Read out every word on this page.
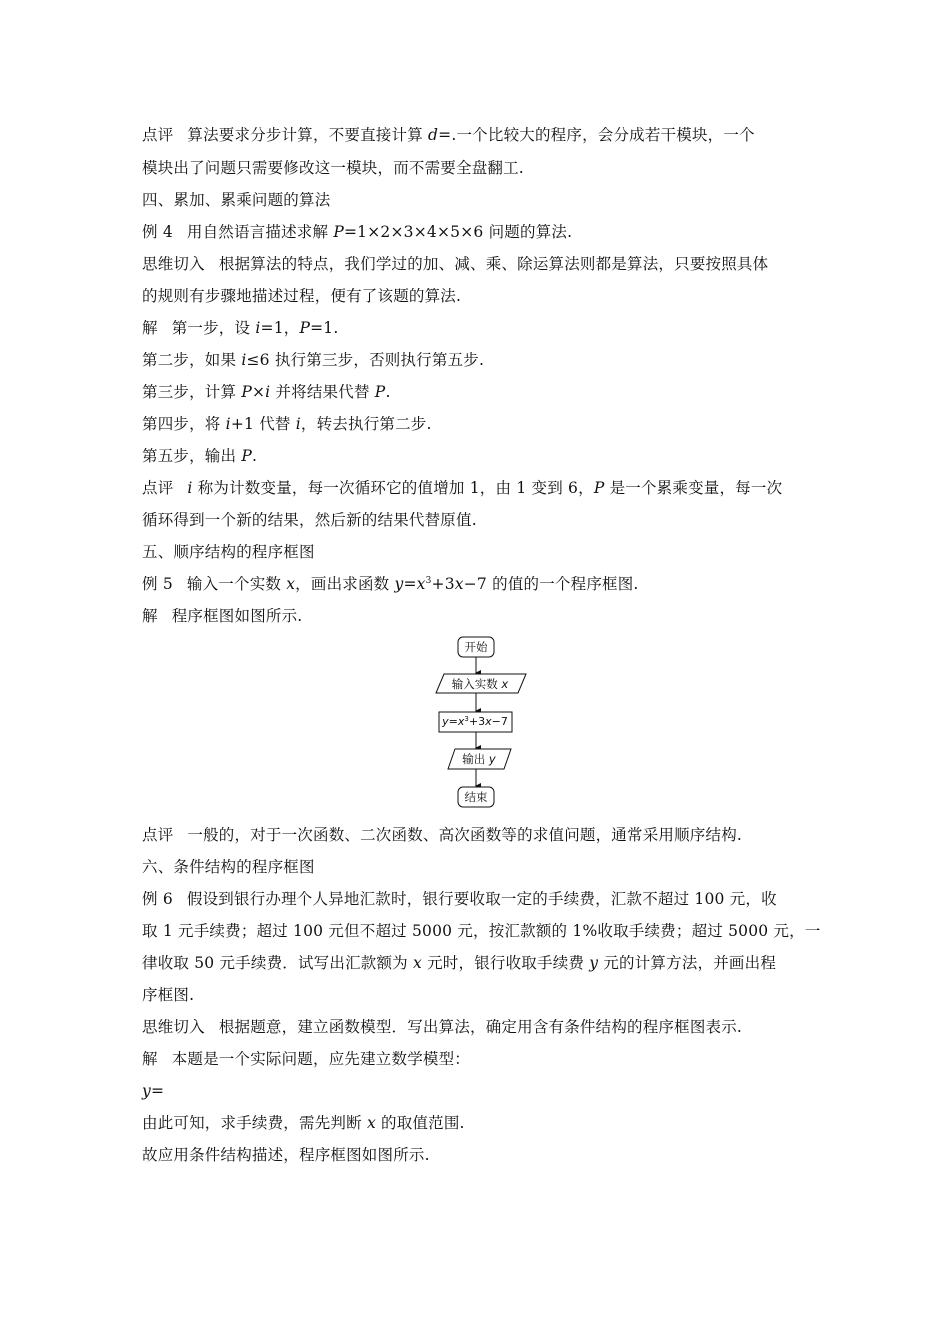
点评 算法要求分步计算，不要直接计算 d=.一个比较大的程序，会分成若干模块，一个
模块出了问题只需要修改这一模块，而不需要全盘翻工.
四、累加、累乘问题的算法
例 4 用自然语言描述求解 P=1×2×3×4×5×6 问题的算法.
思维切入 根据算法的特点，我们学过的加、减、乘、除运算法则都是算法，只要按照具体
的规则有步骤地描述过程，便有了该题的算法.
解 第一步，设 i=1，P=1.
第二步，如果 i≤6 执行第三步，否则执行第五步.
第三步，计算 P×i 并将结果代替 P.
第四步，将 i+1 代替 i，转去执行第二步.
第五步，输出 P.
点评 i 称为计数变量，每一次循环它的值增加 1，由 1 变到 6，P 是一个累乘变量，每一次
循环得到一个新的结果，然后新的结果代替原值.
五、顺序结构的程序框图
例 5 输入一个实数 x，画出求函数 $y=x^3+3x-7$ 的值的一个程序框图.
解 程序框图如图所示.
点评 一般的，对于一次函数、二次函数、高次函数等的求值问题，通常采用顺序结构.
六、条件结构的程序框图
例 6 假设到银行办理个人异地汇款时，银行要收取一定的手续费，汇款不超过 100 元，收
取 1 元手续费；超过 100 元但不超过 5000 元，按汇款额的 1%收取手续费；超过 5000 元，一
律收取 50 元手续费．试写出汇款额为 x 元时，银行收取手续费 y 元的计算方法，并画出程
序框图.
思维切入 根据题意，建立函数模型．写出算法，确定用含有条件结构的程序框图表示.
解 本题是一个实际问题，应先建立数学模型：
y=
由此可知，求手续费，需先判断 x 的取值范围.
故应用条件结构描述，程序框图如图所示.
开始
输入实数 x
$y=x^3+3x-7$
输出 y
结束
